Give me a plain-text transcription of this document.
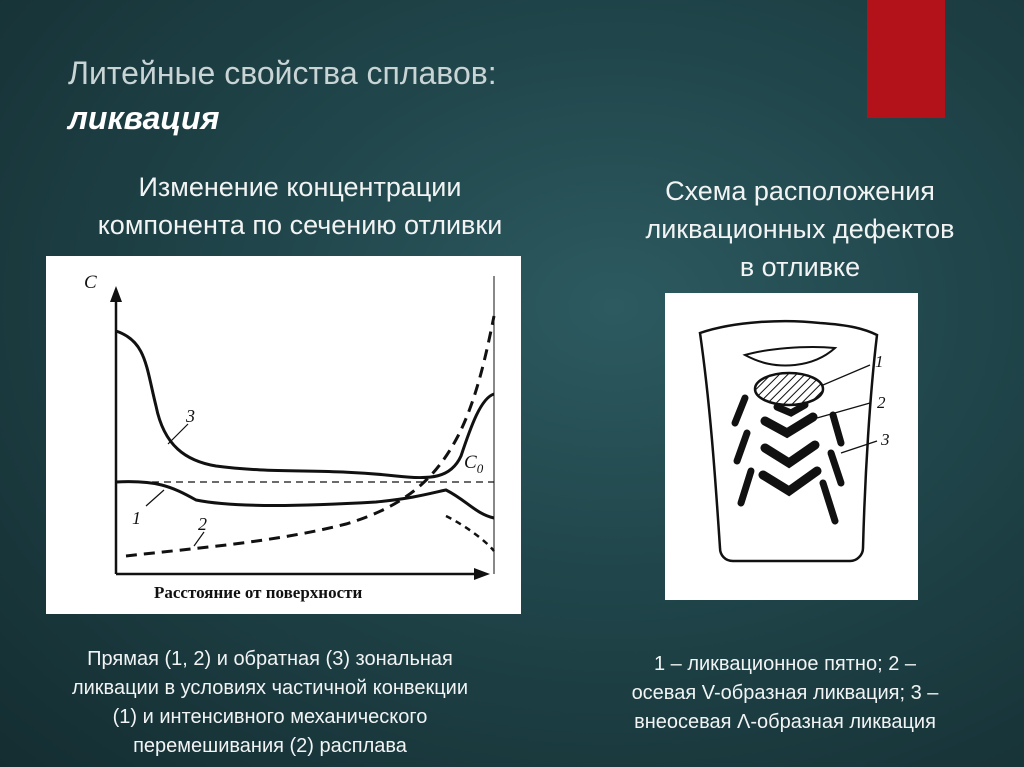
Литейные свойства сплавов:
ликвация
Изменение концентрации
компонента по сечению отливки
Схема расположения
ликвационных дефектов
в отливке
C
Расстояние от поверхности
$C_0$
3
1	2
1
2
3
Прямая (1, 2) и обратная (3) зональная
ликвации в условиях частичной конвекции
(1) и интенсивного механического
перемешивания (2) расплава
1 – ликвационное пятно; 2 –
осевая V-образная ликвация; 3 –
внеосевая Λ-образная ликвация
